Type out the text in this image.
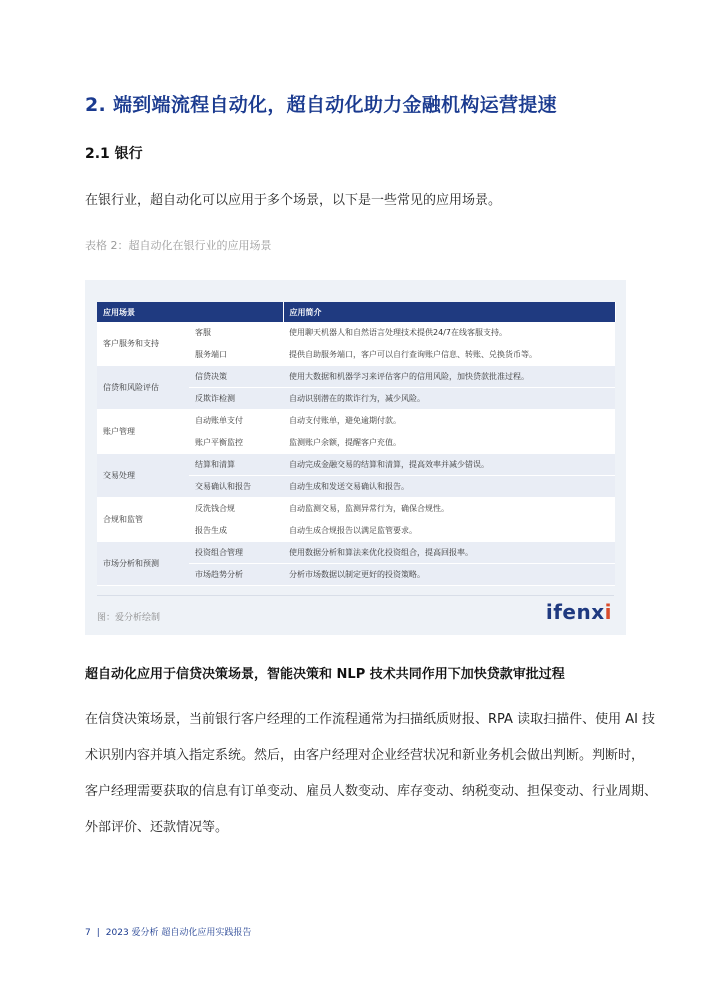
2. 端到端流程自动化，超自动化助力金融机构运营提速
2.1 银行
在银行业，超自动化可以应用于多个场景，以下是一些常见的应用场景。
表格 2：超自动化在银行业的应用场景
应用场景		应用简介
客户服务和支持	客服	使用聊天机器人和自然语言处理技术提供24/7在线客服支持。
	服务端口	提供自助服务端口，客户可以自行查询账户信息、转账、兑换货币等。
信贷和风险评估	信贷决策	使用大数据和机器学习来评估客户的信用风险，加快贷款批准过程。
	反欺诈检测	自动识别潜在的欺诈行为，减少风险。
账户管理	自动账单支付	自动支付账单，避免逾期付款。
	账户平衡监控	监测账户余额，提醒客户充值。
交易处理	结算和清算	自动完成金融交易的结算和清算，提高效率并减少错误。
	交易确认和报告	自动生成和发送交易确认和报告。
合规和监管	反洗钱合规	自动监测交易，监测异常行为，确保合规性。
	报告生成	自动生成合规报告以满足监管要求。
市场分析和预测	投资组合管理	使用数据分析和算法来优化投资组合，提高回报率。
	市场趋势分析	分析市场数据以制定更好的投资策略。
图：爱分析绘制	ifenxi
超自动化应用于信贷决策场景，智能决策和 NLP 技术共同作用下加快贷款审批过程
在信贷决策场景，当前银行客户经理的工作流程通常为扫描纸质财报、RPA 读取扫描件、使用 AI 技
术识别内容并填入指定系统。然后，由客户经理对企业经营状况和新业务机会做出判断。判断时，
客户经理需要获取的信息有订单变动、雇员人数变动、库存变动、纳税变动、担保变动、行业周期、
外部评价、还款情况等。
7 | 2023 爱分析 超自动化应用实践报告
